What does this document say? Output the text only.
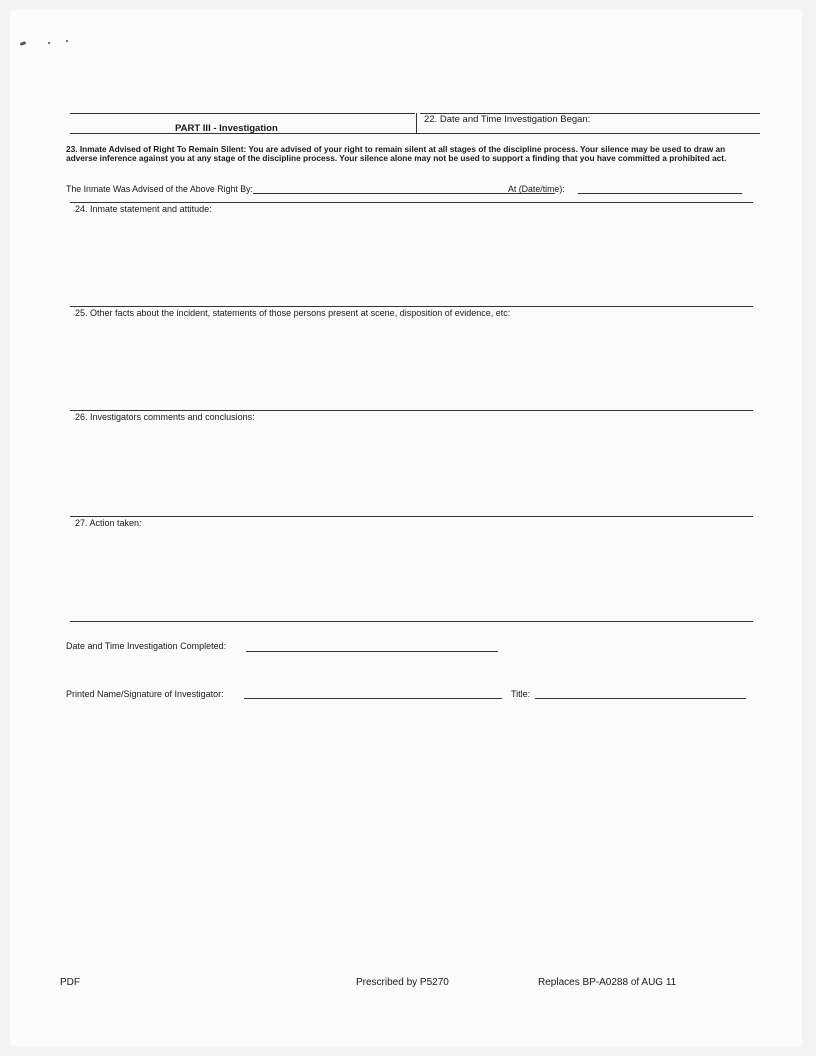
PART III - Investigation
22. Date and Time Investigation Began:
23. Inmate Advised of Right To Remain Silent: You are advised of your right to remain silent at all stages of the discipline process. Your silence may be used to draw an adverse inference against you at any stage of the discipline process. Your silence alone may not be used to support a finding that you have committed a prohibited act.
The Inmate Was Advised of the Above Right By:	At (Date/time):
24. Inmate statement and attitude:
25. Other facts about the incident, statements of those persons present at scene, disposition of evidence, etc:
26. Investigators comments and conclusions:
27. Action taken:
Date and Time Investigation Completed:
Printed Name/Signature of Investigator:	Title:
PDF	Prescribed by P5270	Replaces BP-A0288 of AUG 11
